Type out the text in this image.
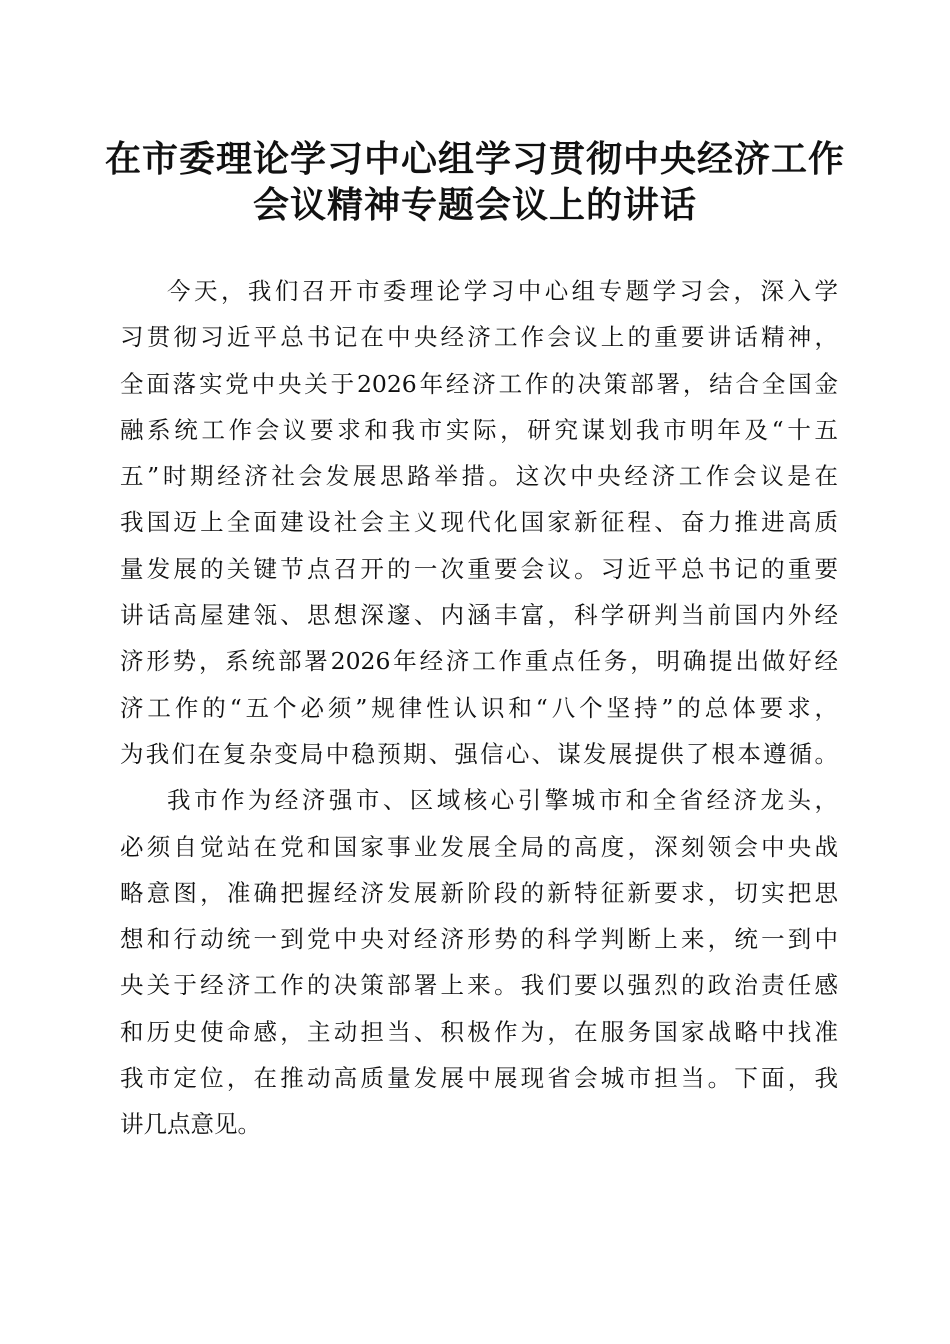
在市委理论学习中心组学习贯彻中央经济工作
会议精神专题会议上的讲话

今天，我们召开市委理论学习中心组专题学习会，深入学
习贯彻习近平总书记在中央经济工作会议上的重要讲话精神，
全面落实党中央关于2026年经济工作的决策部署，结合全国金
融系统工作会议要求和我市实际，研究谋划我市明年及“十五
五”时期经济社会发展思路举措。这次中央经济工作会议是在
我国迈上全面建设社会主义现代化国家新征程、奋力推进高质
量发展的关键节点召开的一次重要会议。习近平总书记的重要
讲话高屋建瓴、思想深邃、内涵丰富，科学研判当前国内外经
济形势，系统部署2026年经济工作重点任务，明确提出做好经
济工作的“五个必须”规律性认识和“八个坚持”的总体要求，
为我们在复杂变局中稳预期、强信心、谋发展提供了根本遵循。

我市作为经济强市、区域核心引擎城市和全省经济龙头，
必须自觉站在党和国家事业发展全局的高度，深刻领会中央战
略意图，准确把握经济发展新阶段的新特征新要求，切实把思
想和行动统一到党中央对经济形势的科学判断上来，统一到中
央关于经济工作的决策部署上来。我们要以强烈的政治责任感
和历史使命感，主动担当、积极作为，在服务国家战略中找准
我市定位，在推动高质量发展中展现省会城市担当。下面，我
讲几点意见。
